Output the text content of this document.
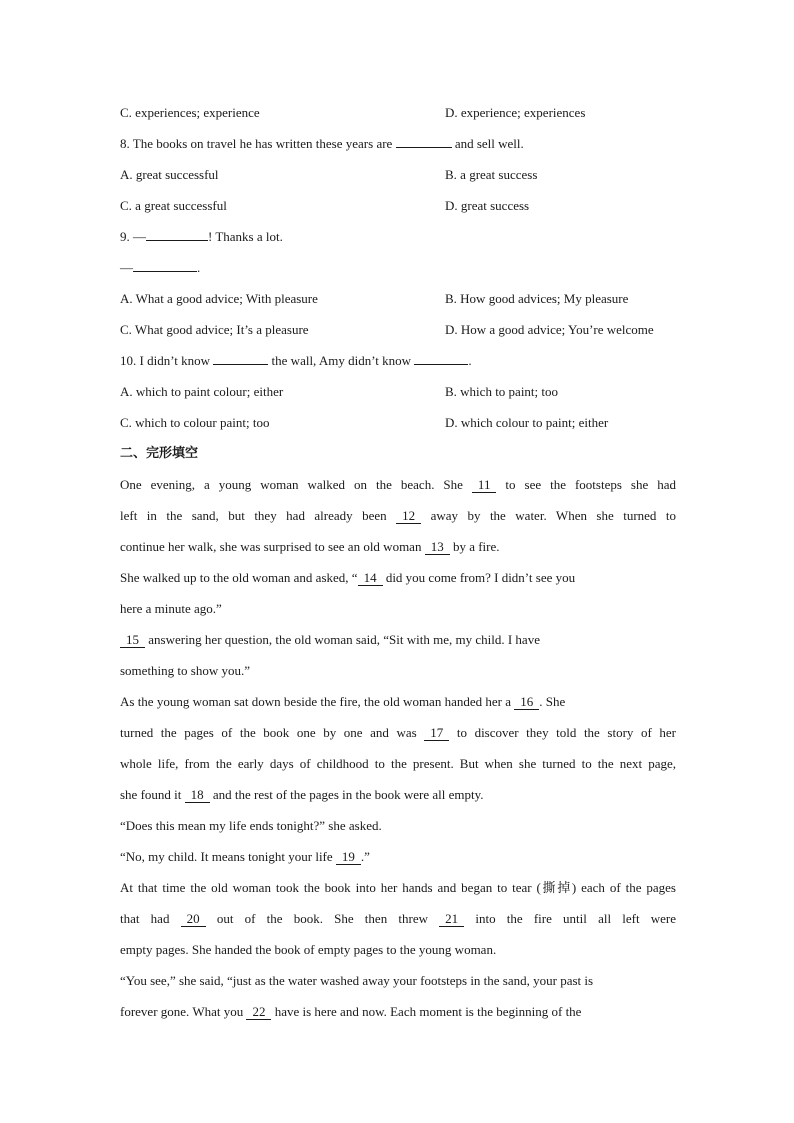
C. experiences; experience	D. experience; experiences
8. The books on travel he has written these years are	and sell well.
A. great successful	B. a great success
C. a great successful	D. great success
9. —	! Thanks a lot.
—	.
A. What a good advice; With pleasure	B. How good advices; My pleasure
C. What good advice; It’s a pleasure	D. How a good advice; You’re welcome
10. I didn’t know	the wall, Amy didn’t know	.
A. which to paint colour; either	B. which to paint; too
C. which to colour paint; too	D. which colour to paint; either
二、完形填空
One evening, a young woman walked on the beach. She 11 to see the footsteps she had
left in the sand, but they had already been 12 away by the water. When she turned to
continue her walk, she was surprised to see an old woman 13 by a fire.
She walked up to the old woman and asked, “ 14 did you come from? I didn’t see you
here a minute ago.”
15 answering her question, the old woman said, “Sit with me, my child. I have
something to show you.”
As the young woman sat down beside the fire, the old woman handed her a 16 . She
turned the pages of the book one by one and was 17 to discover they told the story of her
whole life, from the early days of childhood to the present. But when she turned to the next page,
she found it 18 and the rest of the pages in the book were all empty.
“Does this mean my life ends tonight?” she asked.
“No, my child. It means tonight your life 19 .”
At that time the old woman took the book into her hands and began to tear (撕掉) each of the pages
that had 20 out of the book. She then threw 21 into the fire until all left were
empty pages. She handed the book of empty pages to the young woman.
“You see,” she said, “just as the water washed away your footsteps in the sand, your past is
forever gone. What you 22 have is here and now. Each moment is the beginning of the
